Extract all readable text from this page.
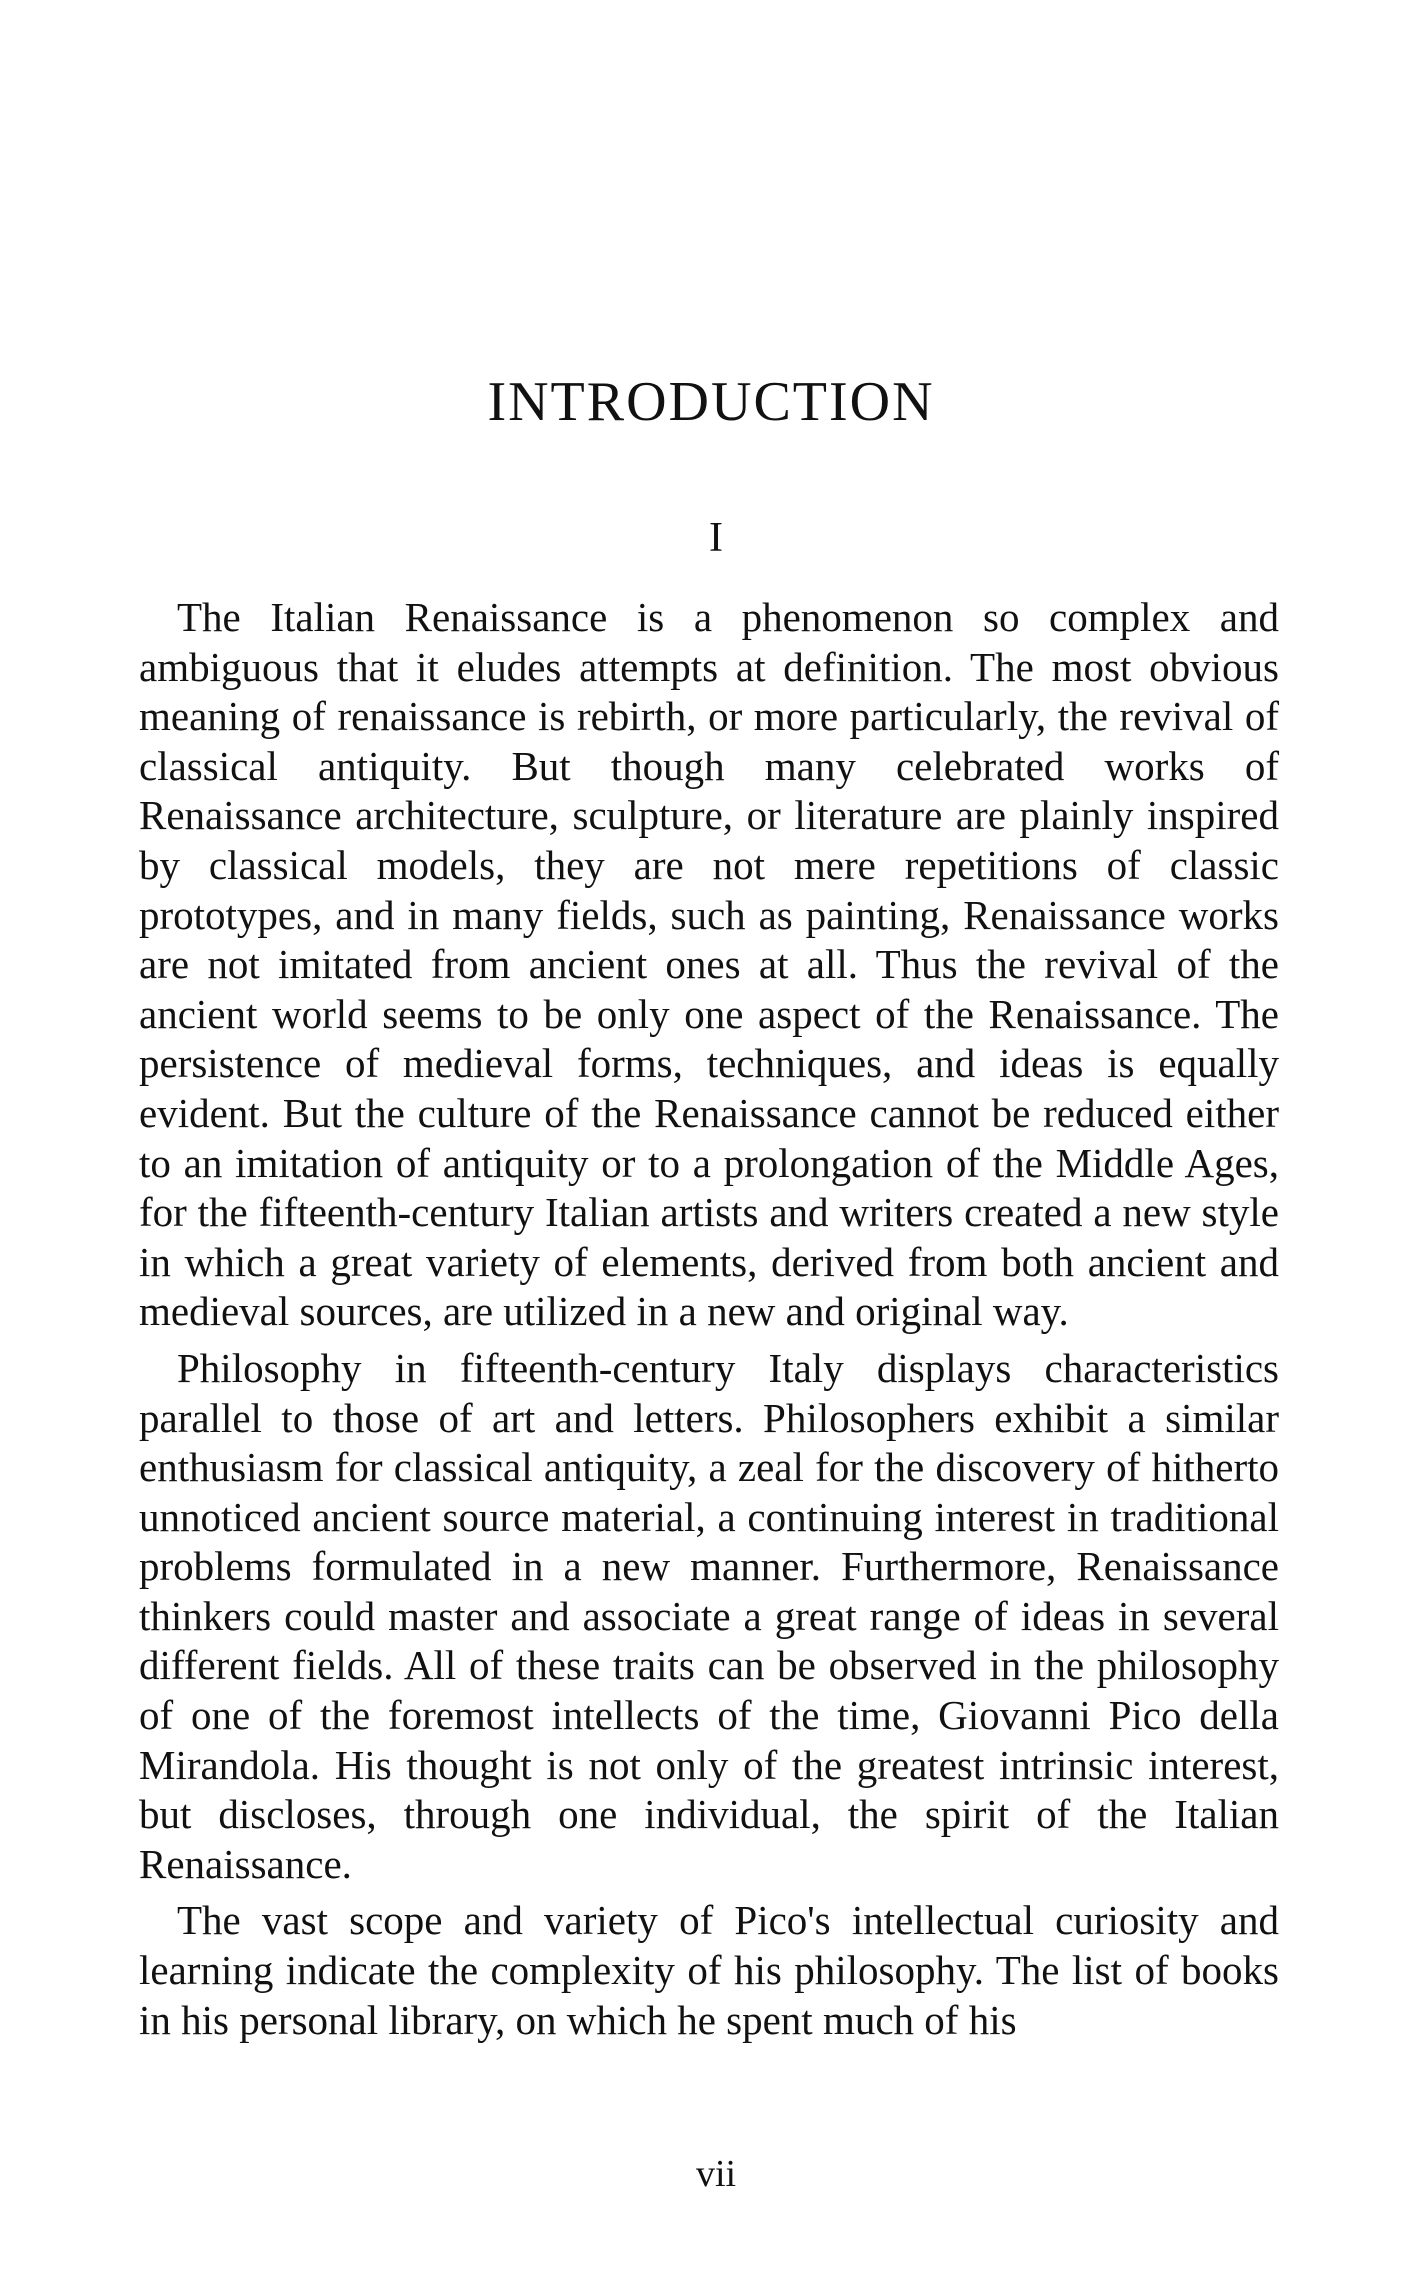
INTRODUCTION
I

The Italian Renaissance is a phenomenon so complex and ambiguous that it eludes attempts at definition. The most obvious meaning of renaissance is rebirth, or more particularly, the revival of classical antiquity. But though many celebrated works of Renaissance architecture, sculpture, or literature are plainly inspired by classical models, they are not mere repetitions of classic prototypes, and in many fields, such as painting, Renaissance works are not imitated from ancient ones at all. Thus the revival of the ancient world seems to be only one aspect of the Renaissance. The persistence of medieval forms, techniques, and ideas is equally evident. But the culture of the Renaissance cannot be reduced either to an imitation of antiquity or to a prolongation of the Middle Ages, for the fifteenth-century Italian artists and writers created a new style in which a great variety of elements, derived from both ancient and medieval sources, are utilized in a new and original way.

Philosophy in fifteenth-century Italy displays characteristics parallel to those of art and letters. Philosophers exhibit a similar enthusiasm for classical antiquity, a zeal for the discovery of hitherto unnoticed ancient source material, a continuing interest in traditional problems formulated in a new manner. Furthermore, Renaissance thinkers could master and associate a great range of ideas in several different fields. All of these traits can be observed in the philosophy of one of the foremost intellects of the time, Giovanni Pico della Mirandola. His thought is not only of the greatest intrinsic interest, but discloses, through one individual, the spirit of the Italian Renaissance.

The vast scope and variety of Pico's intellectual curiosity and learning indicate the complexity of his philosophy. The list of books in his personal library, on which he spent much of his

vii
